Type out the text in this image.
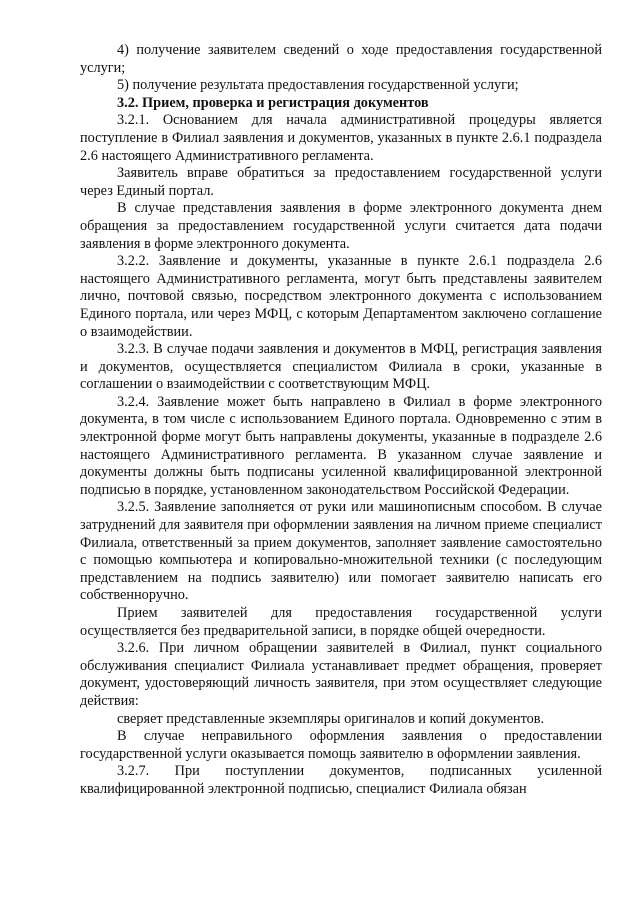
4) получение заявителем сведений о ходе предоставления государственной услуги;

5) получение результата предоставления государственной услуги;

3.2. Прием, проверка и регистрация документов

3.2.1. Основанием для начала административной процедуры является поступление в Филиал заявления и документов, указанных в пункте 2.6.1 подраздела 2.6 настоящего Административного регламента.

Заявитель вправе обратиться за предоставлением государственной услуги через Единый портал.

В случае представления заявления в форме электронного документа днем обращения за предоставлением государственной услуги считается дата подачи заявления в форме электронного документа.

3.2.2. Заявление и документы, указанные в пункте 2.6.1 подраздела 2.6 настоящего Административного регламента, могут быть представлены заявителем лично, почтовой связью, посредством электронного документа с использованием Единого портала, или через МФЦ, с которым Департаментом заключено соглашение о взаимодействии.

3.2.3. В случае подачи заявления и документов в МФЦ, регистрация заявления и документов, осуществляется специалистом Филиала в сроки, указанные в соглашении о взаимодействии с соответствующим МФЦ.

3.2.4. Заявление может быть направлено в Филиал в форме электронного документа, в том числе с использованием Единого портала. Одновременно с этим в электронной форме могут быть направлены документы, указанные в подразделе 2.6 настоящего Административного регламента. В указанном случае заявление и документы должны быть подписаны усиленной квалифицированной электронной подписью в порядке, установленном законодательством Российской Федерации.

3.2.5. Заявление заполняется от руки или машинописным способом. В случае затруднений для заявителя при оформлении заявления на личном приеме специалист Филиала, ответственный за прием документов, заполняет заявление самостоятельно с помощью компьютера и копировально-множительной техники (с последующим представлением на подпись заявителю) или помогает заявителю написать его собственноручно.

Прием заявителей для предоставления государственной услуги осуществляется без предварительной записи, в порядке общей очередности.

3.2.6. При личном обращении заявителей в Филиал, пункт социального обслуживания специалист Филиала устанавливает предмет обращения, проверяет документ, удостоверяющий личность заявителя, при этом осуществляет следующие действия:

сверяет представленные экземпляры оригиналов и копий документов.

В случае неправильного оформления заявления о предоставлении государственной услуги оказывается помощь заявителю в оформлении заявления.

3.2.7. При поступлении документов, подписанных усиленной квалифицированной электронной подписью, специалист Филиала обязан
